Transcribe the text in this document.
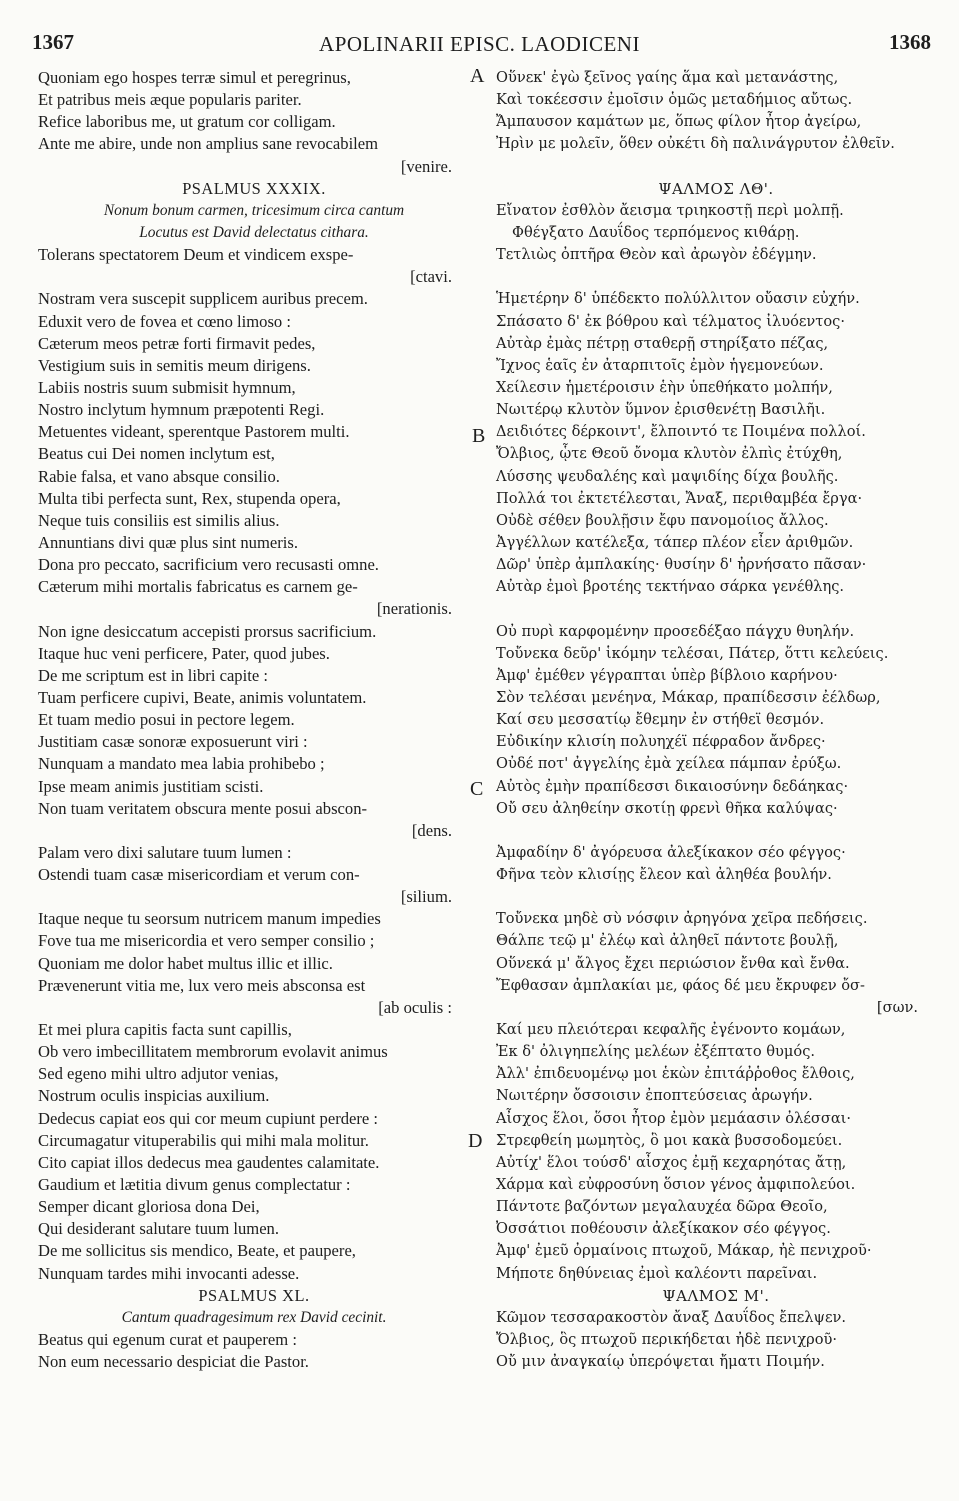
1367	APOLINARII EPISC. LAODICENI	1368
A
B
C
D
Quoniam ego hospes terræ simul et peregrinus,
Et patribus meis æque popularis pariter.
Refice laboribus me, ut gratum cor colligam.
Ante me abire, unde non amplius sane revocabilem
[venire.
PSALMUS XXXIX.
Nonum bonum carmen, tricesimum circa cantum
Locutus est David delectatus cithara.
Tolerans spectatorem Deum et vindicem exspe-
[ctavi.
Nostram vera suscepit supplicem auribus precem.
Eduxit vero de fovea et cœno limoso :
Cæterum meos petræ forti firmavit pedes,
Vestigium suis in semitis meum dirigens.
Labiis nostris suum submisit hymnum,
Nostro inclytum hymnum præpotenti Regi.
Metuentes videant, sperentque Pastorem multi.
Beatus cui Dei nomen inclytum est,
Rabie falsa, et vano absque consilio.
Multa tibi perfecta sunt, Rex, stupenda opera,
Neque tuis consiliis est similis alius.
Annuntians divi quæ plus sint numeris.
Dona pro peccato, sacrificium vero recusasti omne.
Cæterum mihi mortalis fabricatus es carnem ge-
[nerationis.
Non igne desiccatum accepisti prorsus sacrificium.
Itaque huc veni perficere, Pater, quod jubes.
De me scriptum est in libri capite :
Tuam perficere cupivi, Beate, animis voluntatem.
Et tuam medio posui in pectore legem.
Justitiam casæ sonoræ exposuerunt viri :
Nunquam a mandato mea labia prohibebo ;
Ipse meam animis justitiam scisti.
Non tuam veritatem obscura mente posui abscon-
[dens.
Palam vero dixi salutare tuum lumen :
Ostendi tuam casæ misericordiam et verum con-
[silium.
Itaque neque tu seorsum nutricem manum impedies
Fove tua me misericordia et vero semper consilio ;
Quoniam me dolor habet multus illic et illic.
Prævenerunt vitia me, lux vero meis absconsa est
[ab oculis :
Et mei plura capitis facta sunt capillis,
Ob vero imbecillitatem membrorum evolavit animus
Sed egeno mihi ultro adjutor venias,
Nostrum oculis inspicias auxilium.
Dedecus capiat eos qui cor meum cupiunt perdere :
Circumagatur vituperabilis qui mihi mala molitur.
Cito capiat illos dedecus mea gaudentes calamitate.
Gaudium et lætitia divum genus complectatur :
Semper dicant gloriosa dona Dei,
Qui desiderant salutare tuum lumen.
De me sollicitus sis mendico, Beate, et paupere,
Nunquam tardes mihi invocanti adesse.
PSALMUS XL.
Cantum quadragesimum rex David cecinit.
Beatus qui egenum curat et pauperem :
Non eum necessario despiciat die Pastor.
Οὕνεκ' ἐγὼ ξεῖνος γαίης ἅμα καὶ μετανάστης,
Καὶ τοκέεσσιν ἐμοῖσιν ὁμῶς μεταδήμιος αὔτως.
Ἄμπαυσον καμάτων με, ὅπως φίλον ἦτορ ἀγείρω,
Ἠρὶν με μολεῖν, ὅθεν οὐκέτι δὴ παλινάγρυτον ἐλθεῖν.
ΨΑΛΜΟΣ ΛΘ'.
Εἴνατον ἐσθλὸν ἄεισμα τριηκοστῇ περὶ μολπῇ.
Φθέγξατο Δαυΐδος τερπόμενος κιθάρῃ.
Τετλιὼς ὀπτῆρα Θεὸν καὶ ἀρωγὸν ἐδέγμην.
Ἡμετέρην δ' ὑπέδεκτο πολύλλιτον οὔασιν εὐχήν.
Σπάσατο δ' ἐκ βόθρου καὶ τέλματος ἰλυόεντος·
Αὐτὰρ ἐμὰς πέτρῃ σταθερῇ στηρίξατο πέζας,
Ἴχνος ἑαῖς ἐν ἀταρπιτοῖς ἐμὸν ἡγεμονεύων.
Χείλεσιν ἡμετέροισιν ἑὴν ὑπεθήκατο μολπήν,
Νωιτέρῳ κλυτὸν ὕμνον ἐρισθενέτῃ Βασιλῆι.
Δειδιότες δέρκοιντ', ἔλποιντό τε Ποιμένα πολλοί.
Ὄλβιος, ᾧτε Θεοῦ ὄνομα κλυτὸν ἐλπὶς ἐτύχθη,
Λύσσης ψευδαλέης καὶ μαψιδίης δίχα βουλῆς.
Πολλά τοι ἐκτετέλεσται, Ἄναξ, περιθαμβέα ἔργα·
Οὐδὲ σέθεν βουλῇσιν ἔφυ πανομοίιος ἄλλος.
Ἀγγέλλων κατέλεξα, τάπερ πλέον εἶεν ἀριθμῶν.
Δῶρ' ὑπὲρ ἀμπλακίης· θυσίην δ' ἠρνήσατο πᾶσαν·
Αὐτὰρ ἐμοὶ βροτέης τεκτήναο σάρκα γενέθλης.
Οὐ πυρὶ καρφομένην προσεδέξαο πάγχυ θυηλήν.
Τοὔνεκα δεῦρ' ἱκόμην τελέσαι, Πάτερ, ὅττι κελεύεις.
Ἀμφ' ἐμέθεν γέγραπται ὑπὲρ βίβλοιο καρήνου·
Σὸν τελέσαι μενέηνα, Μάκαρ, πραπίδεσσιν ἐέλδωρ,
Καί σευ μεσσατίῳ ἔθεμην ἐν στήθεϊ θεσμόν.
Εὐδικίην κλισίη πολυηχέϊ πέφραδον ἄνδρες·
Οὐδέ ποτ' ἀγγελίης ἐμὰ χείλεα πάμπαν ἐρύξω.
Αὐτὸς ἐμὴν πραπίδεσσι δικαιοσύνην δεδάηκας·
Οὔ σευ ἀληθείην σκοτίῃ φρενὶ θῆκα καλύψας·
Ἀμφαδίην δ' ἀγόρευσα ἀλεξίκακον σέο φέγγος·
Φῆνα τεὸν κλισίῃς ἔλεον καὶ ἀληθέα βουλήν.
Τοὔνεκα μηδὲ σὺ νόσφιν ἀρηγόνα χεῖρα πεδήσεις.
Θάλπε τεῷ μ' ἐλέῳ καὶ ἀληθεῖ πάντοτε βουλῇ,
Οὕνεκά μ' ἄλγος ἔχει περιώσιον ἔνθα καὶ ἔνθα.
Ἔφθασαν ἀμπλακίαι με, φάος δέ μευ ἔκρυφεν ὄσ-
[σων.
Καί μευ πλειότεραι κεφαλῆς ἐγένοντο κομάων,
Ἐκ δ' ὀλιγηπελίης μελέων ἐξέπτατο θυμός.
Ἀλλ' ἐπιδευομένῳ μοι ἑκὼν ἐπιτάῤῥοθος ἔλθοις,
Νωιτέρην ὄσσοισιν ἐποπτεύσειας ἀρωγήν.
Αἶσχος ἕλοι, ὅσοι ἦτορ ἐμὸν μεμάασιν ὀλέσσαι·
Στρεφθείη μωμητὸς, ὃ μοι κακὰ βυσσοδομεύει.
Αὐτίχ' ἕλοι τούσδ' αἶσχος ἐμῇ κεχαρηότας ἄτῃ,
Χάρμα καὶ εὐφροσύνη ὅσιον γένος ἀμφιπολεύοι.
Πάντοτε βαζόντων μεγαλαυχέα δῶρα Θεοῖο,
Ὀσσάτιοι ποθέουσιν ἀλεξίκακον σέο φέγγος.
Ἀμφ' ἐμεῦ ὀρμαίνοις πτωχοῦ, Μάκαρ, ἠὲ πενιχροῦ·
Μήποτε δηθύνειας ἐμοὶ καλέοντι παρεῖναι.
ΨΑΛΜΟΣ Μ'.
Κῶμον τεσσαρακοστὸν ἄναξ Δαυΐδος ἔπελψεν.
Ὄλβιος, ὃς πτωχοῦ περικήδεται ἠδὲ πενιχροῦ·
Οὔ μιν ἀναγκαίῳ ὑπερόψεται ἤματι Ποιμήν.
